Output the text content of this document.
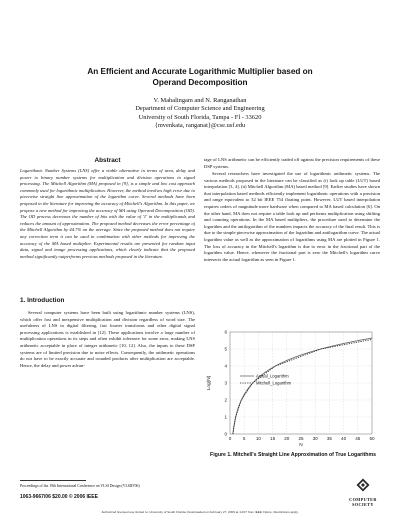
An Efficient and Accurate Logarithmic Multiplier based on
Operand Decomposition
V. Mahalingam and N. Ranganathan
Department of Computer Science and Engineering
University of South Florida, Tampa - Fl - 33620
{mvenkata, ranganat}@cse.usf.edu
Abstract

Logarithmic Number Systems (LNS) offer a viable alternative in terms of area, delay and power to binary number systems for multiplication and division operations in signal processing. The Mitchell Algorithm (MA) proposed in [9], is a simple and low cost approach commonly used for logarithmic multiplication. However, the method involves high error due to piecewise straight line approximation of the logarithm curve. Several methods have been proposed in the literature for improving the accuracy of Mitchell's Algorithm. In this paper, we propose a new method for improving the accuracy of MA using Operand Decomposition (OD). The OD process decreases the number of bits with the value of '1' in the multiplicands and reduces the amount of approximation. The proposed method decreases the error percentage of the Mitchell Algorithm by 44.7% on the average. Since the proposed method does not require any correction term it can be used in combination with other methods for improving the accuracy of the MA based multiplier. Experimental results are presented for random input data, signal and image processing applications, which clearly indicate that the proposed method significantly outperforms previous methods proposed in the literature.

1. Introduction

Several computer systems have been built using logarithmic number systems (LNS), which offer fast and inexpensive multiplication and division regardless of word size. The usefulness of LNS in digital filtering, fast fourier transforms and other digital signal processing applications is established in [12]. These applications involve a large number of multiplication operations in its steps and often exhibit tolerance for some error, making LNS arithmetic acceptable in place of integer arithmetic [10, 12]. Also, the inputs to these DSP systems are of limited precision due to noise effects. Consequently, the arithmetic operations do not have to be exactly accurate and rounded products after multiplication are acceptable. Hence, the delay and power advan-

tage of LNS arithmetic can be efficiently traded off against the precision requirements of these DSP systems.

Several researchers have investigated the use of logarithmic arithmetic systems. The various methods proposed in the literature can be classified as (i) look up table (LUT) based interpolation [3, 4], (ii) Mitchell Algorithm (MA) based method [9]. Earlier studies have shown that interpolation based methods efficiently implement logarithmic operations with a precision and range equivalent to 32 bit IEEE 754 floating point. However, LUT based interpolation requires orders of magnitude more hardware when compared to MA based calculation [6]. On the other hand, MA does not require a table look up and performs multiplication using shifting and counting operations. In the MA based multipliers, the procedure used to determine the logarithm and the antilogarithm of the numbers impacts the accuracy of the final result. This is due to the simple piecewise approximation of the logarithm and antilogarithm curve. The actual logarithm value as well as the approximation of logarithms using MA are plotted in Figure 1. The loss of accuracy in the Mitchell's logarithm is due to error in the fractional part of the logarithm value. Hence, whenever the fractional part is zero the Mitchell's logarithm curve intersects the actual logarithm as seen in Figure 1.

0
1
2
3
4
5
6
0	5 10 15 20 25 30 35 40 45 50
Log(N)
N
Actual_Logarithm
Mitchell_Logarithm
Figure 1. Mitchell's Straight Line Approximation of True Logarithms
Proceedings of the 19th International Conference on VLSI Design (VLSID'06)
1063-9667/06 $20.00 © 2006 IEEE	COMPUTER
SOCIETY
Authorized licensed use limited to: University of South Florida. Downloaded on February 27, 2009 at 14:07 from IEEE Xplore. Restrictions apply.
